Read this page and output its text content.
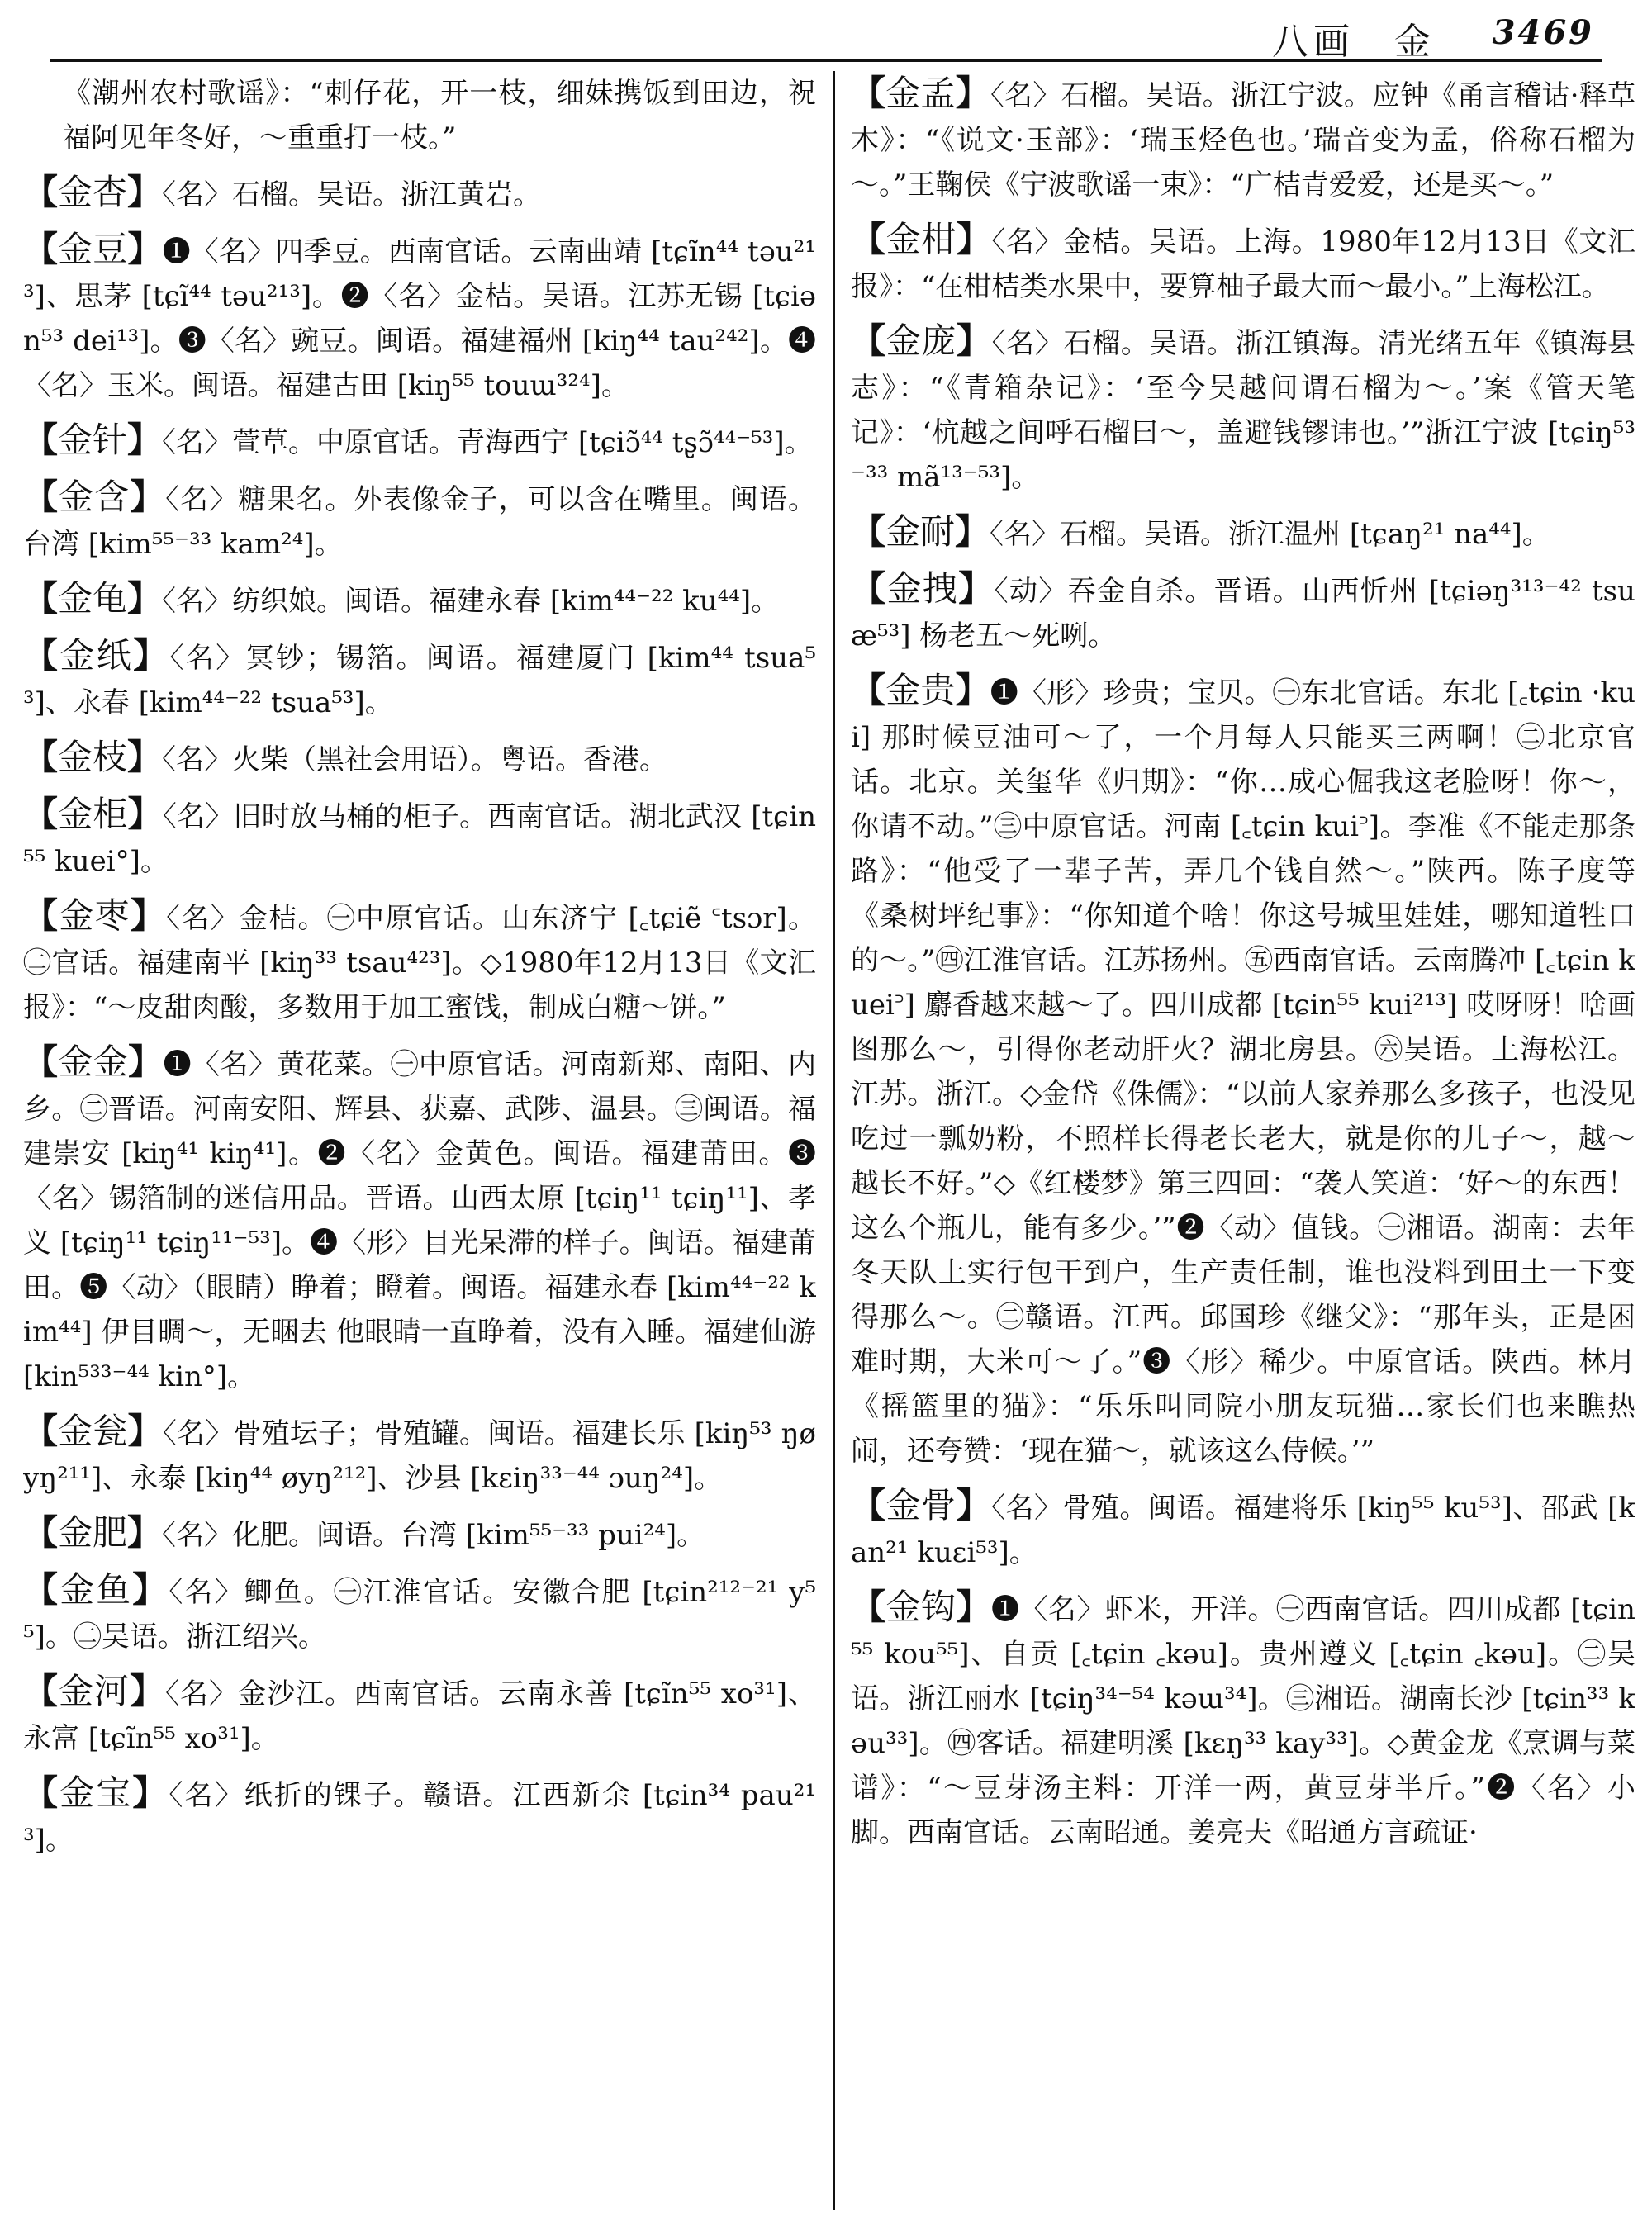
八画 金 3469

《潮州农村歌谣》：“刺仔花，开一枝，细妹携饭到田边，祝福阿见年冬好，～重重打一枝。”

【金杏】〈名〉石榴。吴语。浙江黄岩。

【金豆】❶〈名〉四季豆。西南官话。云南曲靖 [tɕĩn⁴⁴ təu²¹³]、思茅 [tɕĩ⁴⁴ təu²¹³]。❷〈名〉金桔。吴语。江苏无锡 [tɕiən⁵³ dei¹³]。❸〈名〉豌豆。闽语。福建福州 [kiŋ⁴⁴ tau²⁴²]。❹〈名〉玉米。闽语。福建古田 [kiŋ⁵⁵ touɯ³²⁴]。

【金针】〈名〉萱草。中原官话。青海西宁 [tɕiɔ̃⁴⁴ tʂɔ̃⁴⁴⁻⁵³]。

【金含】〈名〉糖果名。外表像金子，可以含在嘴里。闽语。台湾 [kim⁵⁵⁻³³ kam²⁴]。

【金龟】〈名〉纺织娘。闽语。福建永春 [kim⁴⁴⁻²² ku⁴⁴]。

【金纸】〈名〉冥钞；锡箔。闽语。福建厦门 [kim⁴⁴ tsua⁵³]、永春 [kim⁴⁴⁻²² tsua⁵³]。

【金枝】〈名〉火柴（黑社会用语）。粤语。香港。

【金柜】〈名〉旧时放马桶的柜子。西南官话。湖北武汉 [tɕin⁵⁵ kuei°]。

【金枣】〈名〉金桔。㊀中原官话。山东济宁 [꜀tɕiẽ ꜂tsɔr]。㊁官话。福建南平 [kiŋ³³ tsau⁴²³]。◇1980年12月13日《文汇报》：“～皮甜肉酸，多数用于加工蜜饯，制成白糖～饼。”

【金金】❶〈名〉黄花菜。㊀中原官话。河南新郑、南阳、内乡。㊁晋语。河南安阳、辉县、获嘉、武陟、温县。㊂闽语。福建崇安 [kiŋ⁴¹ kiŋ⁴¹]。❷〈名〉金黄色。闽语。福建莆田。❸〈名〉锡箔制的迷信用品。晋语。山西太原 [tɕiŋ¹¹ tɕiŋ¹¹]、孝义 [tɕiŋ¹¹ tɕiŋ¹¹⁻⁵³]。❹〈形〉目光呆滞的样子。闽语。福建莆田。❺〈动〉（眼睛）睁着；瞪着。闽语。福建永春 [kim⁴⁴⁻²² kim⁴⁴] 伊目睭～，无睏去 他眼睛一直睁着，没有入睡。福建仙游 [kin⁵³³⁻⁴⁴ kin°]。

【金瓮】〈名〉骨殖坛子；骨殖罐。闽语。福建长乐 [kiŋ⁵³ ŋøyŋ²¹¹]、永泰 [kiŋ⁴⁴ øyŋ²¹²]、沙县 [kɛiŋ³³⁻⁴⁴ ɔuŋ²⁴]。

【金肥】〈名〉化肥。闽语。台湾 [kim⁵⁵⁻³³ pui²⁴]。

【金鱼】〈名〉鲫鱼。㊀江淮官话。安徽合肥 [tɕin²¹²⁻²¹ y⁵⁵]。㊁吴语。浙江绍兴。

【金河】〈名〉金沙江。西南官话。云南永善 [tɕĩn⁵⁵ xo³¹]、永富 [tɕĩn⁵⁵ xo³¹]。

【金宝】〈名〉纸折的锞子。赣语。江西新余 [tɕin³⁴ pau²¹³]。

【金孟】〈名〉石榴。吴语。浙江宁波。应钟《甬言稽诂·释草木》：“《说文·玉部》：‘瑞玉烃色也。’瑞音变为孟，俗称石榴为～。”王鞠侯《宁波歌谣一束》：“广桔青爱爱，还是买～。”

【金柑】〈名〉金桔。吴语。上海。1980年12月13日《文汇报》：“在柑桔类水果中，要算柚子最大而～最小。”上海松江。

【金庞】〈名〉石榴。吴语。浙江镇海。清光绪五年《镇海县志》：“《青箱杂记》：‘至今吴越间谓石榴为～。’案《管天笔记》：‘杭越之间呼石榴曰～，盖避钱镠讳也。’”浙江宁波 [tɕiŋ⁵³⁻³³ mã¹³⁻⁵³]。

【金耐】〈名〉石榴。吴语。浙江温州 [tɕaŋ²¹ na⁴⁴]。

【金拽】〈动〉吞金自杀。晋语。山西忻州 [tɕiəŋ³¹³⁻⁴² tsuæ⁵³] 杨老五～死咧。

【金贵】❶〈形〉珍贵；宝贝。㊀东北官话。东北 [꜀tɕin ·kui] 那时候豆油可～了，一个月每人只能买三两啊！㊁北京官话。北京。关玺华《归期》：“你…成心倔我这老脸呀！你～，你请不动。”㊂中原官话。河南 [꜀tɕin kui꜄]。李准《不能走那条路》：“他受了一辈子苦，弄几个钱自然～。”陕西。陈子度等《桑树坪纪事》：“你知道个啥！你这号城里娃娃，哪知道牲口的～。”㊃江淮官话。江苏扬州。㊄西南官话。云南腾冲 [꜀tɕin kuei꜄] 麝香越来越～了。四川成都 [tɕin⁵⁵ kui²¹³] 哎呀呀！啥画图那么～，引得你老动肝火？湖北房县。㊅吴语。上海松江。江苏。浙江。◇金岱《侏儒》：“以前人家养那么多孩子，也没见吃过一瓢奶粉，不照样长得老长老大，就是你的儿子～，越～越长不好。”◇《红楼梦》第三四回：“袭人笑道：‘好～的东西！这么个瓶儿，能有多少。’”❷〈动〉值钱。㊀湘语。湖南：去年冬天队上实行包干到户，生产责任制，谁也没料到田土一下变得那么～。㊁赣语。江西。邱国珍《继父》：“那年头，正是困难时期，大米可～了。”❸〈形〉稀少。中原官话。陕西。林月《摇篮里的猫》：“乐乐叫同院小朋友玩猫…家长们也来瞧热闹，还夸赞：‘现在猫～，就该这么侍候。’”

【金骨】〈名〉骨殖。闽语。福建将乐 [kiŋ⁵⁵ ku⁵³]、邵武 [kan²¹ kuɛi⁵³]。

【金钩】❶〈名〉虾米，开洋。㊀西南官话。四川成都 [tɕin⁵⁵ kou⁵⁵]、自贡 [꜀tɕin ꜀kəu]。贵州遵义 [꜀tɕin ꜀kəu]。㊁吴语。浙江丽水 [tɕiŋ³⁴⁻⁵⁴ kəɯ³⁴]。㊂湘语。湖南长沙 [tɕin³³ kəu³³]。㊃客话。福建明溪 [kɛŋ³³ kay³³]。◇黄金龙《烹调与菜谱》：“～豆芽汤主料：开洋一两，黄豆芽半斤。”❷〈名〉小脚。西南官话。云南昭通。姜亮夫《昭通方言疏证·
